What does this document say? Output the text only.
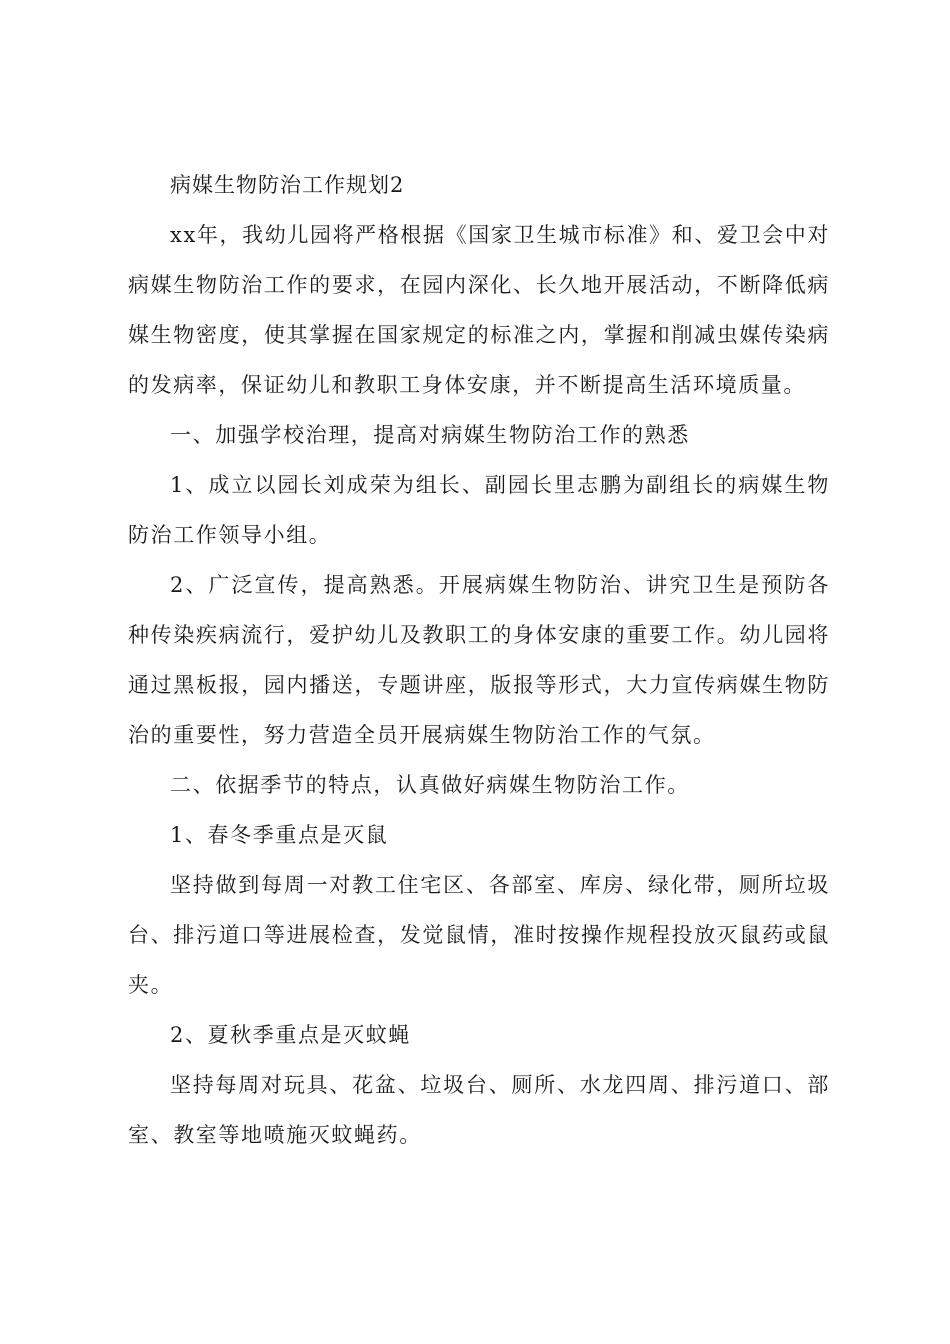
病媒生物防治工作规划2

xx年，我幼儿园将严格根据《国家卫生城市标准》和、爱卫会中对病媒生物防治工作的要求，在园内深化、长久地开展活动，不断降低病媒生物密度，使其掌握在国家规定的标准之内，掌握和削减虫媒传染病的发病率，保证幼儿和教职工身体安康，并不断提高生活环境质量。

一、加强学校治理，提高对病媒生物防治工作的熟悉

1、成立以园长刘成荣为组长、副园长里志鹏为副组长的病媒生物防治工作领导小组。

2、广泛宣传，提高熟悉。开展病媒生物防治、讲究卫生是预防各种传染疾病流行，爱护幼儿及教职工的身体安康的重要工作。幼儿园将通过黑板报，园内播送，专题讲座，版报等形式，大力宣传病媒生物防治的重要性，努力营造全员开展病媒生物防治工作的气氛。

二、依据季节的特点，认真做好病媒生物防治工作。

1、春冬季重点是灭鼠

坚持做到每周一对教工住宅区、各部室、库房、绿化带，厕所垃圾台、排污道口等进展检查，发觉鼠情，准时按操作规程投放灭鼠药或鼠夹。

2、夏秋季重点是灭蚊蝇

坚持每周对玩具、花盆、垃圾台、厕所、水龙四周、排污道口、部室、教室等地喷施灭蚊蝇药。
